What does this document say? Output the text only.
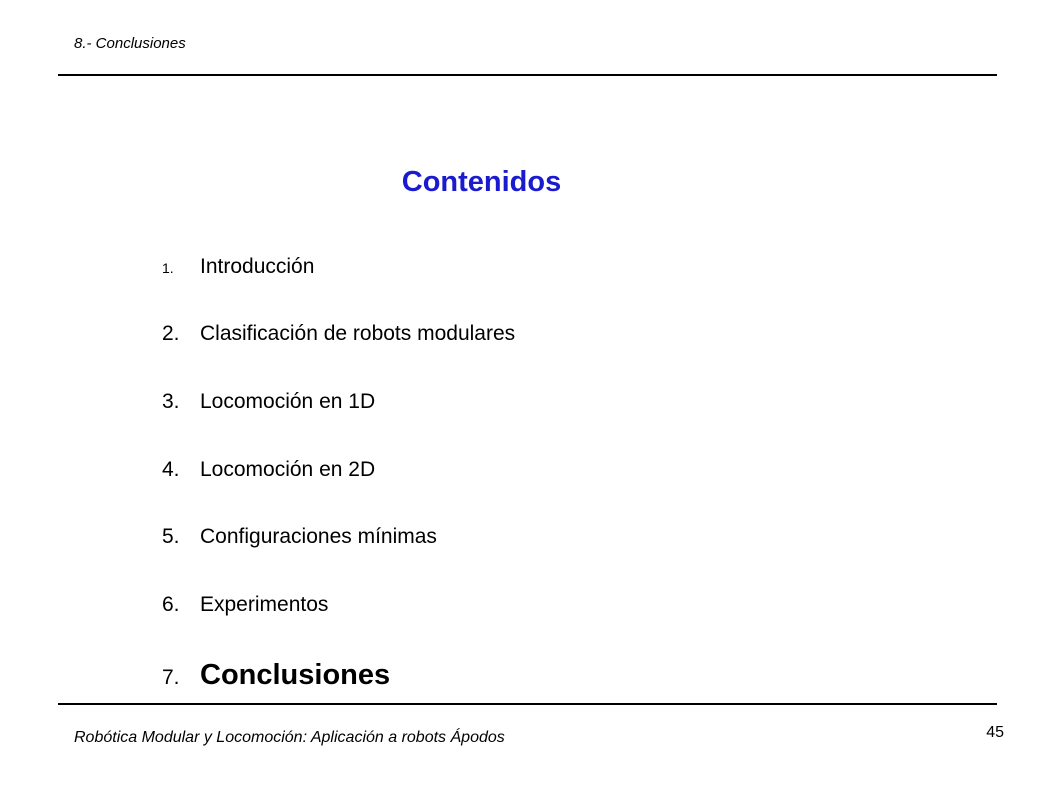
8.- Conclusiones
Contenidos
1. Introducción
2. Clasificación de robots modulares
3. Locomoción en 1D
4. Locomoción en 2D
5. Configuraciones mínimas
6. Experimentos
7. Conclusiones
Robótica Modular y Locomoción: Aplicación a robots Ápodos	45
